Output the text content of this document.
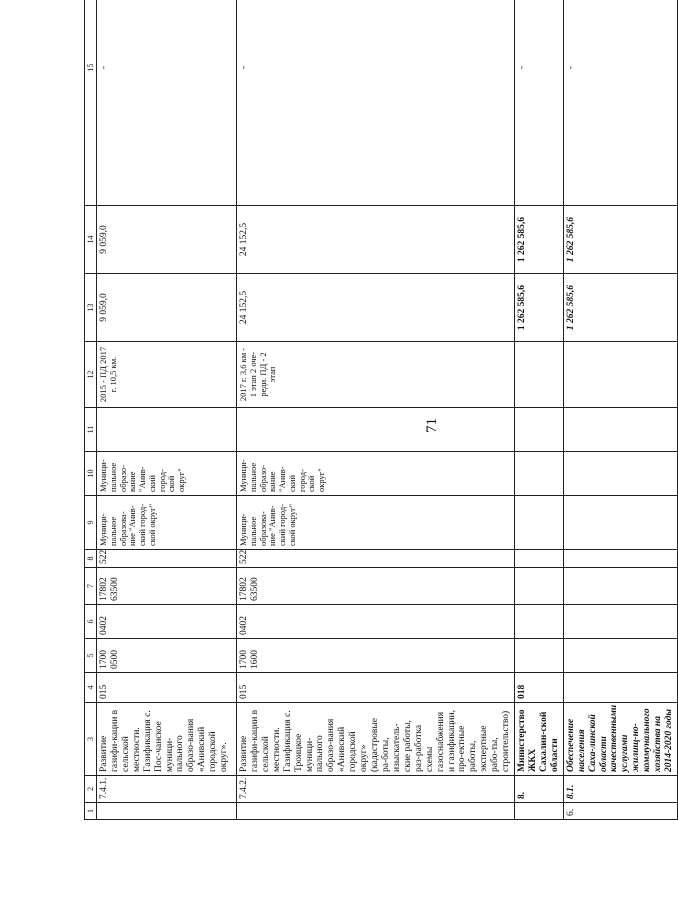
71
1	2	3	4	5	6	7	8	9	10	11	12	13	14	15
	7.4.1.	Развитие газифи-кации в сельской местности. Газификация с. Пос-чанское муници-пального образо-вания «Анивский городской округ».	015	1700 0500	0402	17802 63500	522	Муници-пальное образова-ние "Анив-ский город-ской округ"	Муници-пальное образо-вание "Анив-ский город-ской округ"		2015 - ПД 2017 г. 10,5 км.	9 059,0	9 059,0	-
	7.4.2.	Развитие газифи-кации в сельской местности. Газификация с. Троицкое муници-пального образо-вания «Анивский городской округ» (кадастровые ра-боты, изыскатель-ские работы, раз-работка схемы газоснабжения и газификации, про-ектные работы, экспертные рабо-ты, строительство)	015	1700 1600	0402	17802 63500	522	Муници-пальное образова-ние "Анив-ский город-ской округ"	Муници-пальное образо-вание "Анив-ский город-ской округ"		2017 г. 3,6 км - 1 этап 2 оче-реди. ПД - 2 этап	24 152,5	24 152,5	-
	8.	Министерство ЖКХ Сахалин-ской области	018									1 262 585,6	1 262 585,6	-
6.	8.1.	Обеспечение населения Саха-линской области качественными услугами жилищ-но-коммунального хозяйства на 2014-2020 годы										1 262 585,6	1 262 585,6	-
